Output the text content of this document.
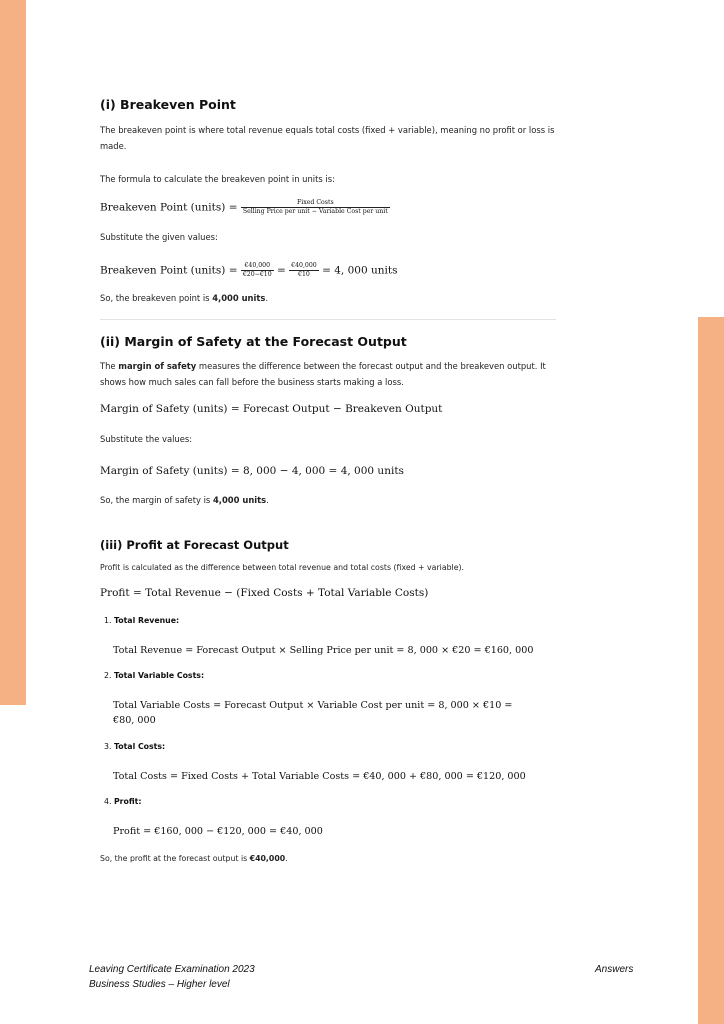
(i) Breakeven Point

The breakeven point is where total revenue equals total costs (fixed + variable), meaning no profit or loss is made.

The formula to calculate the breakeven point in units is:

Breakeven Point (units) = $\frac{\text{Fixed Costs}}{\text{Selling Price per unit − Variable Cost per unit}}$

Substitute the given values:

Breakeven Point (units) = $\frac{€40,000}{€20-€10} = \frac{€40,000}{€10} = 4$, 000 units

So, the breakeven point is 4,000 units.

(ii) Margin of Safety at the Forecast Output

The margin of safety measures the difference between the forecast output and the breakeven output. It shows how much sales can fall before the business starts making a loss.

Margin of Safety (units) = Forecast Output − Breakeven Output

Substitute the values:

Margin of Safety (units) = 8, 000 − 4, 000 = 4, 000 units

So, the margin of safety is 4,000 units.

(iii) Profit at Forecast Output

Profit is calculated as the difference between total revenue and total costs (fixed + variable).

Profit = Total Revenue − (Fixed Costs + Total Variable Costs)

1. Total Revenue:

Total Revenue = Forecast Output × Selling Price per unit = 8, 000 × €20 = €160, 000

2. Total Variable Costs:

Total Variable Costs = Forecast Output × Variable Cost per unit = 8, 000 × €10 =
€80, 000

3. Total Costs:

Total Costs = Fixed Costs + Total Variable Costs = €40, 000 + €80, 000 = €120, 000

4. Profit:

Profit = €160, 000 − €120, 000 = €40, 000

So, the profit at the forecast output is €40,000.

Leaving Certificate Examination 2023
Business Studies – Higher level
Answers
